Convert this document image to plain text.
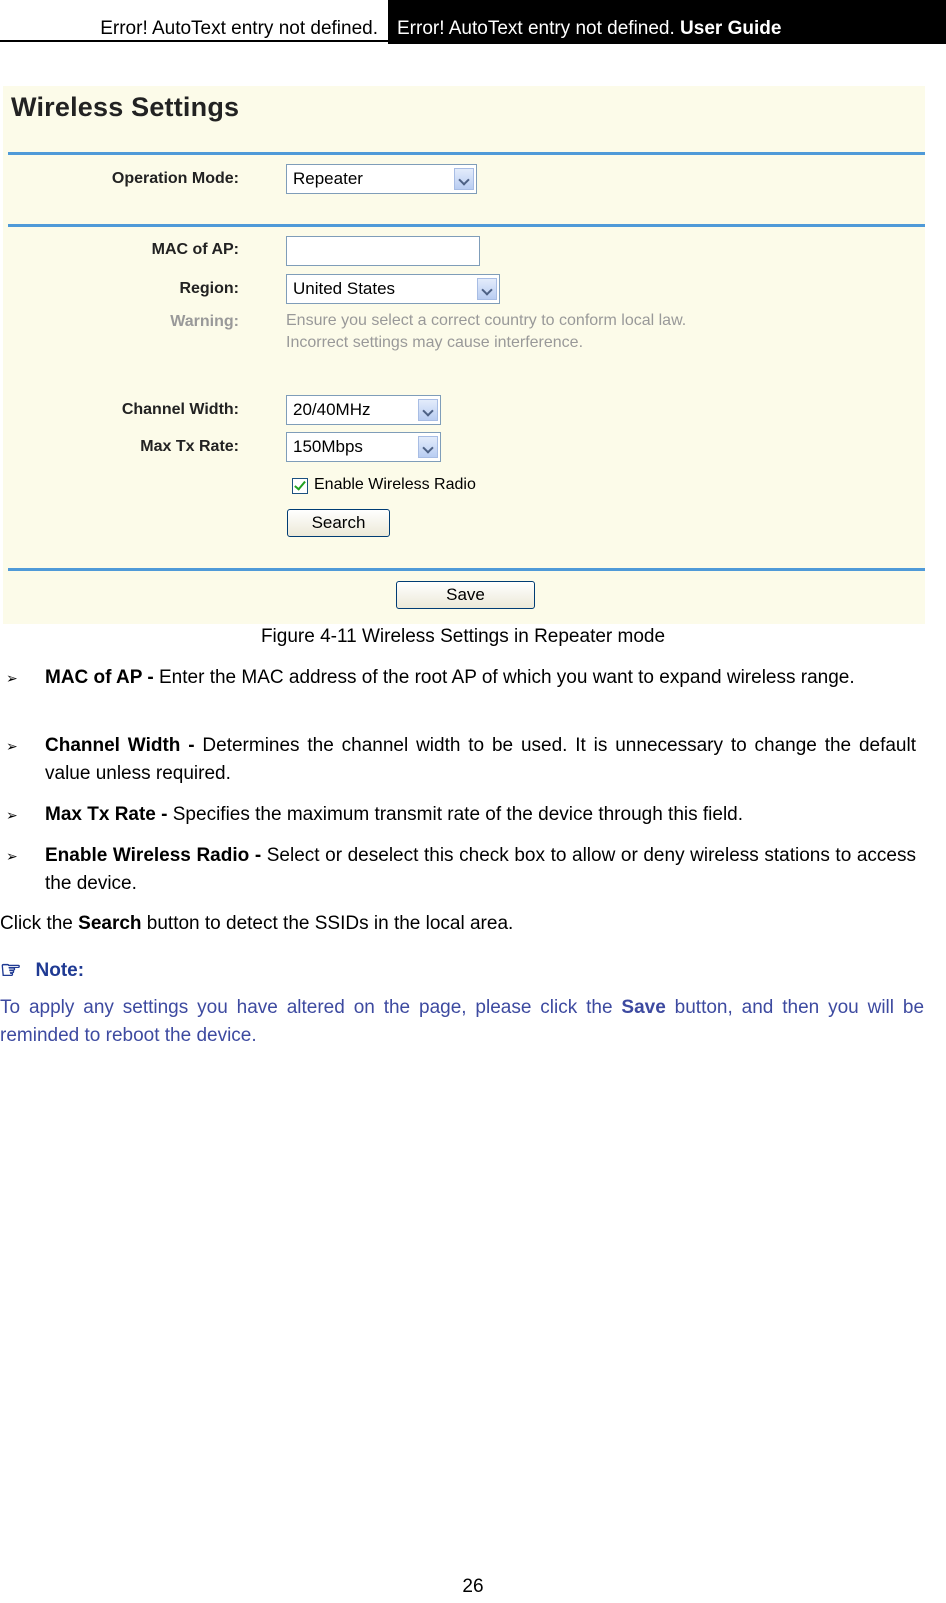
Error! AutoText entry not defined.	Error! AutoText entry not defined. User Guide
Wireless Settings
Operation Mode:	Repeater
MAC of AP:
Region:	United States
Warning:	Ensure you select a correct country to conform local law.
Incorrect settings may cause interference.
Channel Width:	20/40MHz
Max Tx Rate:	150Mbps
Enable Wireless Radio
Search
Save
Figure 4-11 Wireless Settings in Repeater mode
➢ MAC of AP - Enter the MAC address of the root AP of which you want to expand wireless range.
➢ Channel Width - Determines the channel width to be used. It is unnecessary to change the default value unless required.
➢ Max Tx Rate - Specifies the maximum transmit rate of the device through this field.
➢ Enable Wireless Radio - Select or deselect this check box to allow or deny wireless stations to access the device.
Click the Search button to detect the SSIDs in the local area.
☞ Note:
To apply any settings you have altered on the page, please click the Save button, and then you will be reminded to reboot the device.
26
